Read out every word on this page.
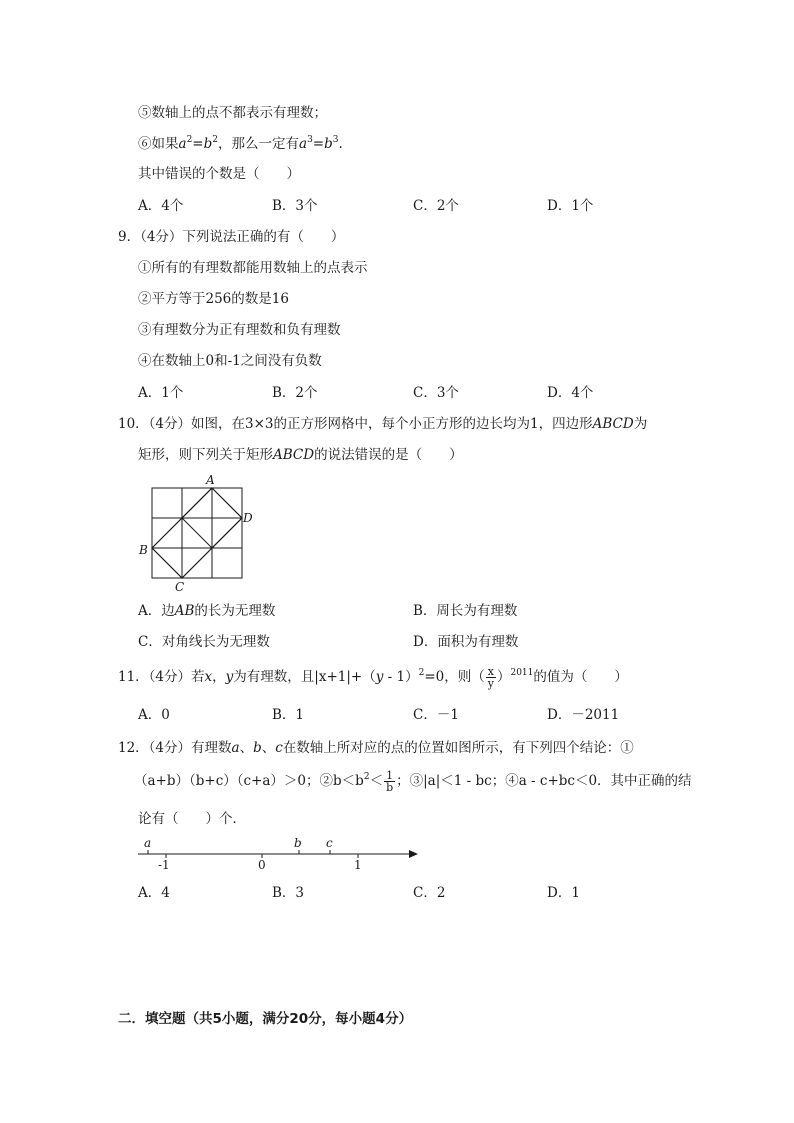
⑤数轴上的点不都表示有理数；
⑥如果$a^2=b^2$，那么一定有$a^3=b^3$.
其中错误的个数是（　　）
A．4个	B．3个	C．2个	D．1个
9．（4分）下列说法正确的有（　　）
①所有的有理数都能用数轴上的点表示
②平方等于256的数是16
③有理数分为正有理数和负有理数
④在数轴上0和-1之间没有负数
A．1个	B．2个	C．3个	D．4个
10．（4分）如图，在3×3的正方形网格中，每个小正方形的边长均为1，四边形ABCD为
矩形，则下列关于矩形ABCD的说法错误的是（　　）
A
D
B
C
A．边AB的长为无理数	B．周长为有理数
C．对角线长为无理数	D．面积为有理数
11．（4分）若x，y为有理数，且|x+1|+（y - 1）$^2$=0，则（ $\frac{x}{y} )^{2011}$的值为（　　）
A．0	B．1	C．－1	D．－2011
12．（4分）有理数a、b、c在数轴上所对应的点的位置如图所示，有下列四个结论：①
（a+b）（b+c）（c+a）＞0；$②b<b^2< \frac{1}{b}$ ；③|a|＜1 - bc；④a - c+bc＜0．其中正确的结
论有（　　）个．
a	b c
-1	0	1
A．4	B．3	C．2	D．1
二．填空题（共5小题，满分20分，每小题4分）
